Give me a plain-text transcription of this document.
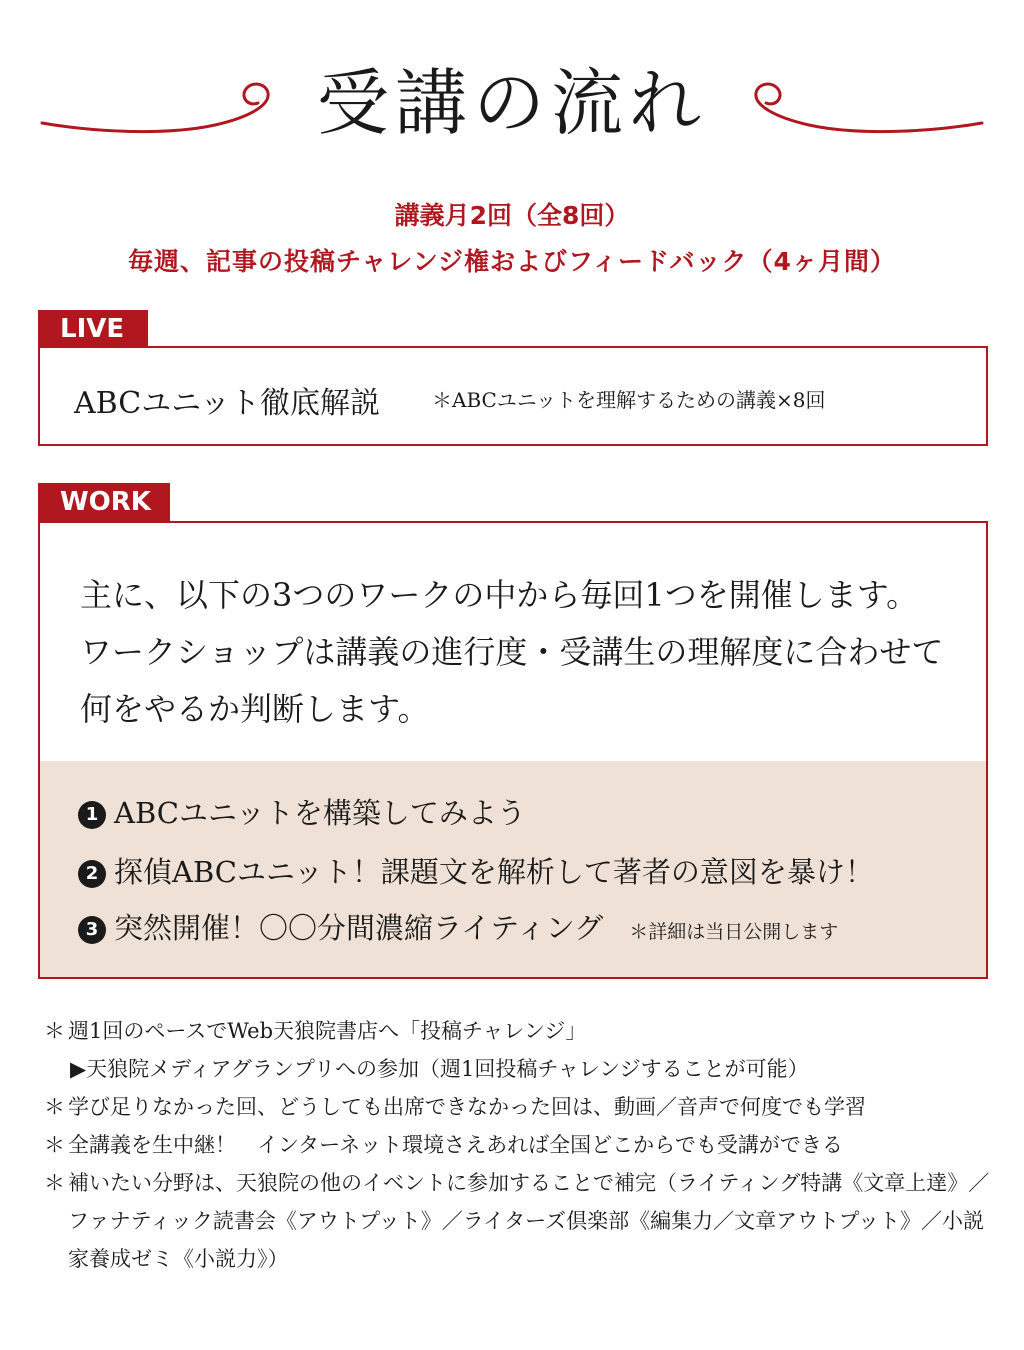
受講の流れ
講義月2回（全8回）
毎週、記事の投稿チャレンジ権およびフィードバック（4ヶ月間）
LIVE
ABCユニット徹底解説	＊ABCユニットを理解するための講義×8回
WORK
主に、以下の3つのワークの中から毎回1つを開催します。
ワークショップは講義の進行度・受講生の理解度に合わせて
何をやるか判断します。
1 ABCユニットを構築してみよう
2 探偵ABCユニット！課題文を解析して著者の意図を暴け！
3 突然開催！〇〇分間濃縮ライティング ＊詳細は当日公開します
＊ 週1回のペースでWeb天狼院書店へ「投稿チャレンジ」
▶天狼院メディアグランプリへの参加（週1回投稿チャレンジすることが可能）
＊ 学び足りなかった回、どうしても出席できなかった回は、動画／音声で何度でも学習
＊ 全講義を生中継！　インターネット環境さえあれば全国どこからでも受講ができる
＊ 補いたい分野は、天狼院の他のイベントに参加することで補完（ライティング特講《文章上達》／ファナティック読書会《アウトプット》／ライターズ倶楽部《編集力／文章アウトプット》／小説家養成ゼミ《小説力》）
